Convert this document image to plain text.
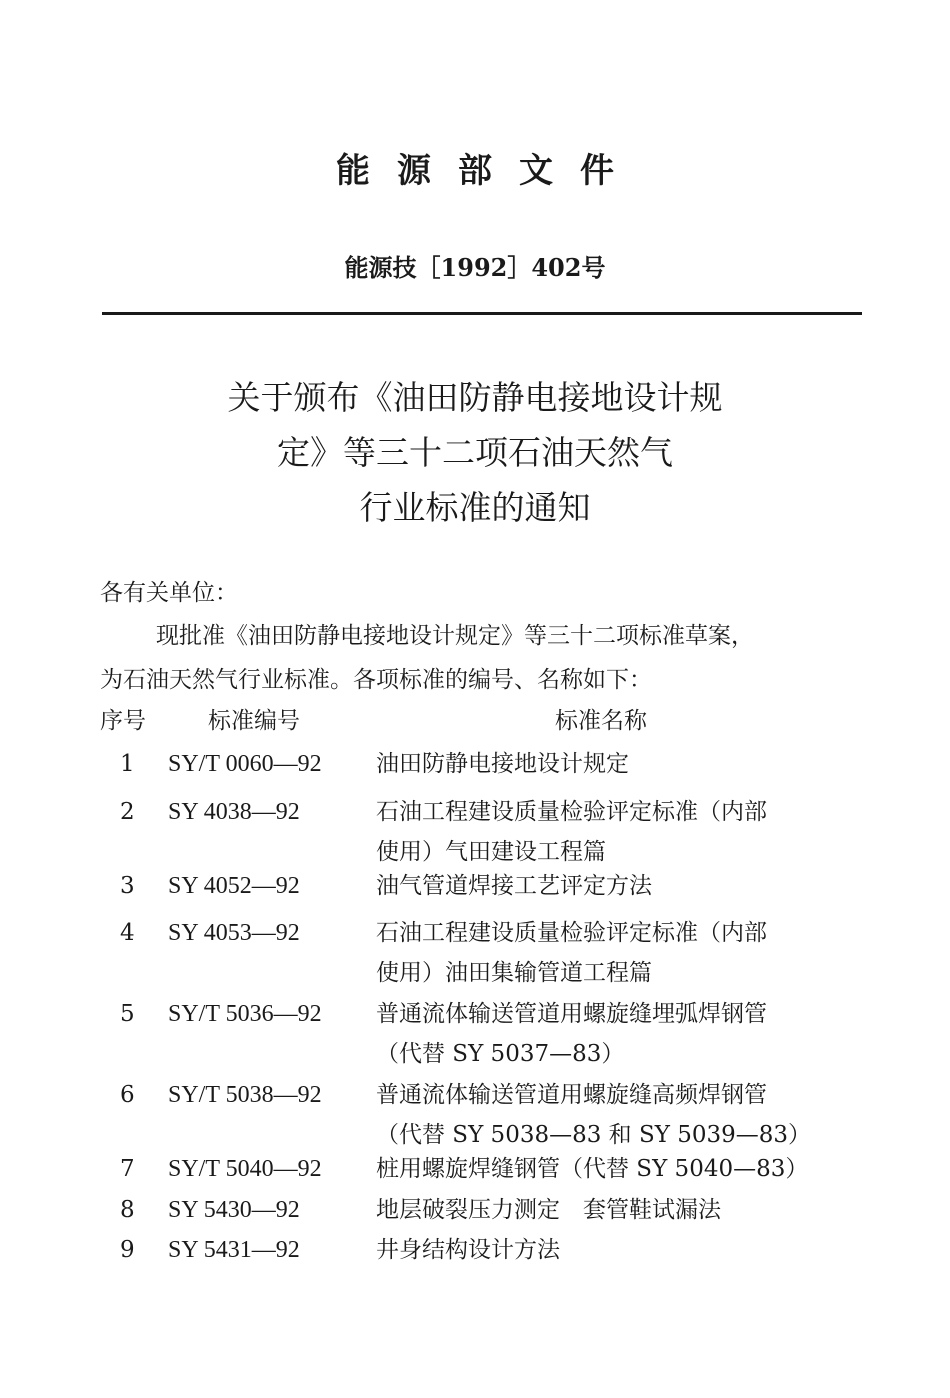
能源部文件
能源技［1992］402号
关于颁布《油田防静电接地设计规
定》等三十二项石油天然气
行业标准的通知
各有关单位：
现批准《油田防静电接地设计规定》等三十二项标准草案，
为石油天然气行业标准。各项标准的编号、名称如下：
序号	标准编号	标准名称
1 SY/T 0060—92 油田防静电接地设计规定
2 SY 4038—92	石油工程建设质量检验评定标准（内部
使用）气田建设工程篇
3 SY 4052—92	油气管道焊接工艺评定方法
4 SY 4053—92	石油工程建设质量检验评定标准（内部
使用）油田集输管道工程篇
5 SY/T 5036—92 普通流体输送管道用螺旋缝埋弧焊钢管
（代替 SY 5037—83）
6 SY/T 5038—92 普通流体输送管道用螺旋缝高频焊钢管
（代替 SY 5038—83 和 SY 5039—83）
7 SY/T 5040—92 桩用螺旋焊缝钢管（代替 SY 5040—83）
8 SY 5430—92	地层破裂压力测定　套管鞋试漏法
9 SY 5431—92	井身结构设计方法
